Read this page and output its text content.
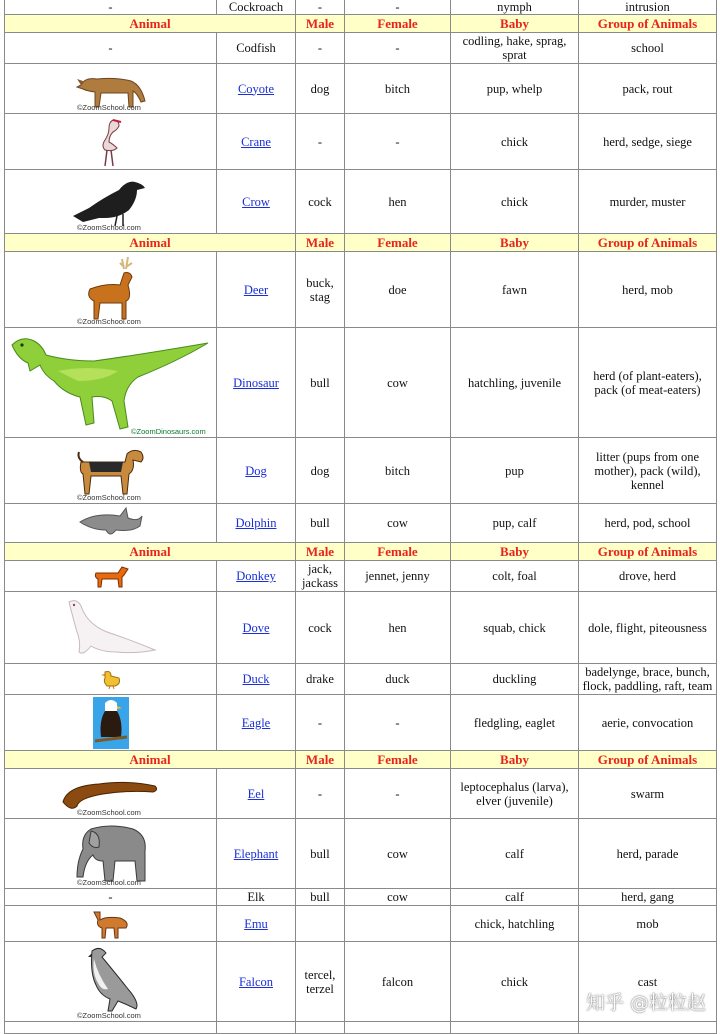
-	Cockroach	-	-	nymph	intrusion
Animal		Male	Female	Baby	Group of Animals
-	Codfish	-	-	codling, hake, sprag, sprat	school

©ZoomSchool.com	Coyote	dog	bitch	pup, whelp	pack, rout

	Crane	-	-	chick	herd, sedge, siege

©ZoomSchool.com	Crow	cock	hen	chick	murder, muster
Animal		Male	Female	Baby	Group of Animals

©ZoomSchool.com	Deer	buck, stag	doe	fawn	herd, mob

©ZoomDinosaurs.com	Dinosaur	bull	cow	hatchling, juvenile	herd (of plant-eaters), pack (of meat-eaters)

©ZoomSchool.com	Dog	dog	bitch	pup	litter (pups from one mother), pack (wild), kennel

	Dolphin	bull	cow	pup, calf	herd, pod, school
Animal		Male	Female	Baby	Group of Animals

	Donkey	jack, jackass	jennet, jenny	colt, foal	drove, herd

	Dove	cock	hen	squab, chick	dole, flight, piteousness

	Duck	drake	duck	duckling	badelynge, brace, bunch, flock, paddling, raft, team

	Eagle	-	-	fledgling, eaglet	aerie, convocation
Animal		Male	Female	Baby	Group of Animals

©ZoomSchool.com	Eel	-	-	leptocephalus (larva), elver (juvenile)	swarm

©ZoomSchool.com	Elephant	bull	cow	calf	herd, parade
-	Elk	bull	cow	calf	herd, gang

	Emu			chick, hatchling	mob

©ZoomSchool.com	Falcon	tercel, terzel	falcon	chick	cast

知乎 @粒粒赵
